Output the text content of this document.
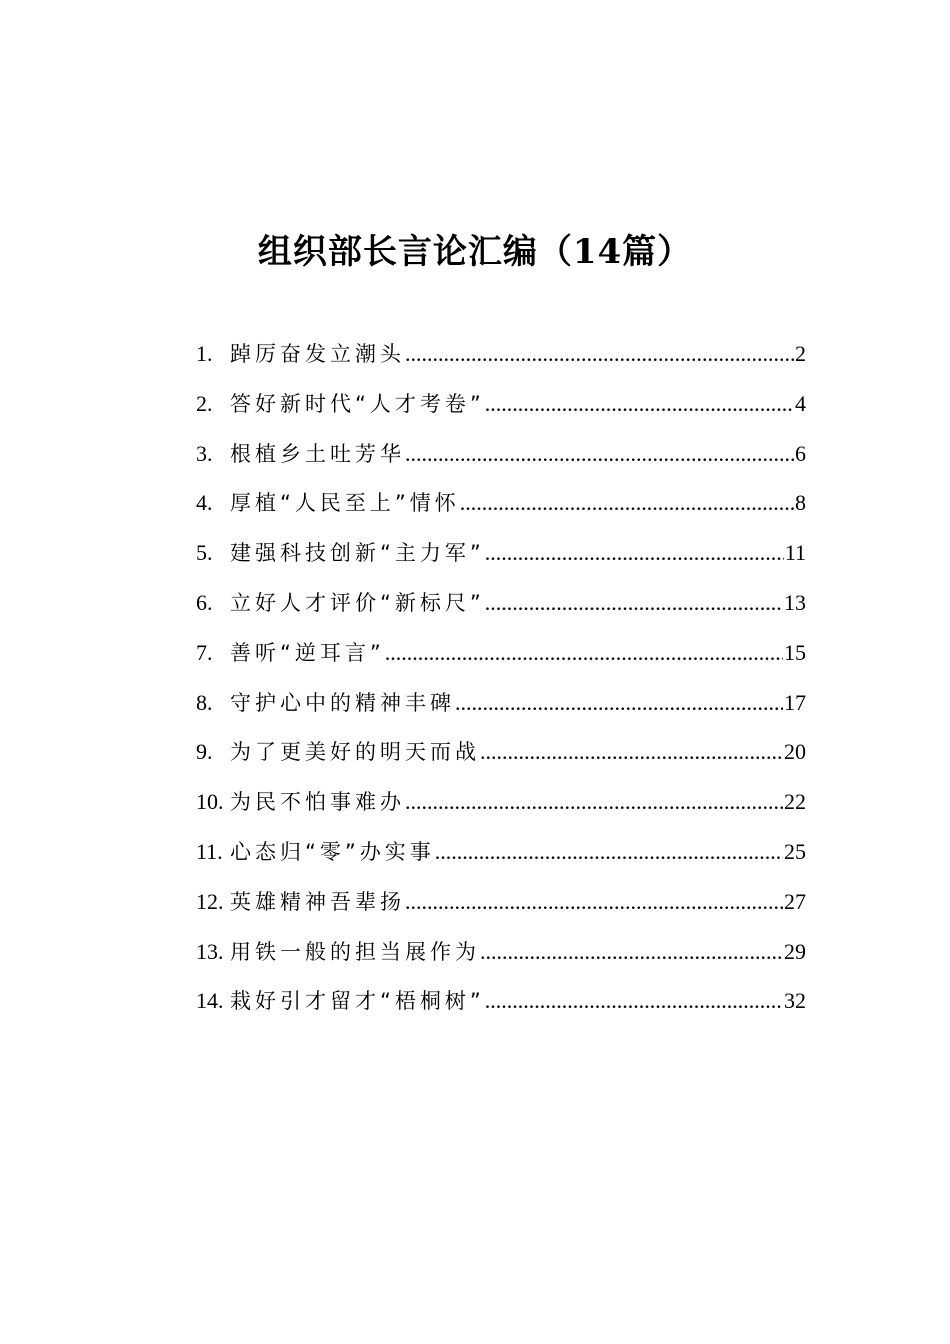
组织部长言论汇编（14篇）
1. 踔厉奋发立潮头 .....	2
2. 答好新时代“人才考卷” .....	4
3. 根植乡土吐芳华 .....	6
4. 厚植“人民至上”情怀 .....	8
5. 建强科技创新“主力军” .....	11
6. 立好人才评价“新标尺” .....	13
7. 善听“逆耳言” .....	15
8. 守护心中的精神丰碑 .....	17
9. 为了更美好的明天而战 .....	20
10. 为民不怕事难办 .....	22
11. 心态归“零”办实事 .....	25
12. 英雄精神吾辈扬 .....	27
13. 用铁一般的担当展作为 .....	29
14. 栽好引才留才“梧桐树” .....	32
